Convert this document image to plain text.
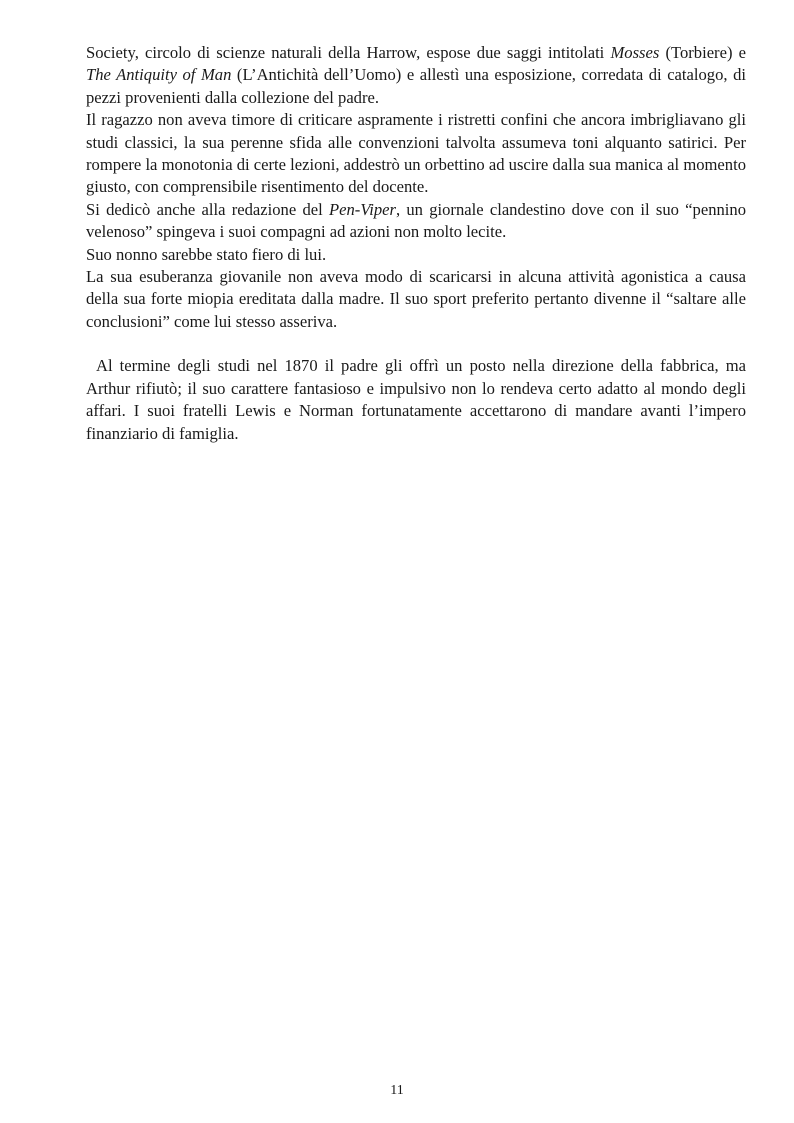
Society, circolo di scienze naturali della Harrow, espose due saggi intitolati Mosses (Torbiere) e The Antiquity of Man (L’Antichità dell’Uomo) e allestì una esposizione, corredata di catalogo, di pezzi provenienti dalla collezione del padre.

Il ragazzo non aveva timore di criticare aspramente i ristretti confini che ancora imbrigliavano gli studi classici, la sua perenne sfida alle convenzioni talvolta assumeva toni alquanto satirici. Per rompere la monotonia di certe lezioni, addestrò un orbettino ad uscire dalla sua manica al momento giusto, con comprensibile risentimento del docente.

Si dedicò anche alla redazione del Pen-Viper, un giornale clandestino dove con il suo “pennino velenoso” spingeva i suoi compagni ad azioni non molto lecite.

Suo nonno sarebbe stato fiero di lui.

La sua esuberanza giovanile non aveva modo di scaricarsi in alcuna attività agonistica a causa della sua forte miopia ereditata dalla madre. Il suo sport preferito pertanto divenne il “saltare alle conclusioni” come lui stesso asseriva.

Al termine degli studi nel 1870 il padre gli offrì un posto nella direzione della fabbrica, ma Arthur rifiutò; il suo carattere fantasioso e impulsivo non lo rendeva certo adatto al mondo degli affari. I suoi fratelli Lewis e Norman fortunatamente accettarono di mandare avanti l’impero finanziario di famiglia.

11
